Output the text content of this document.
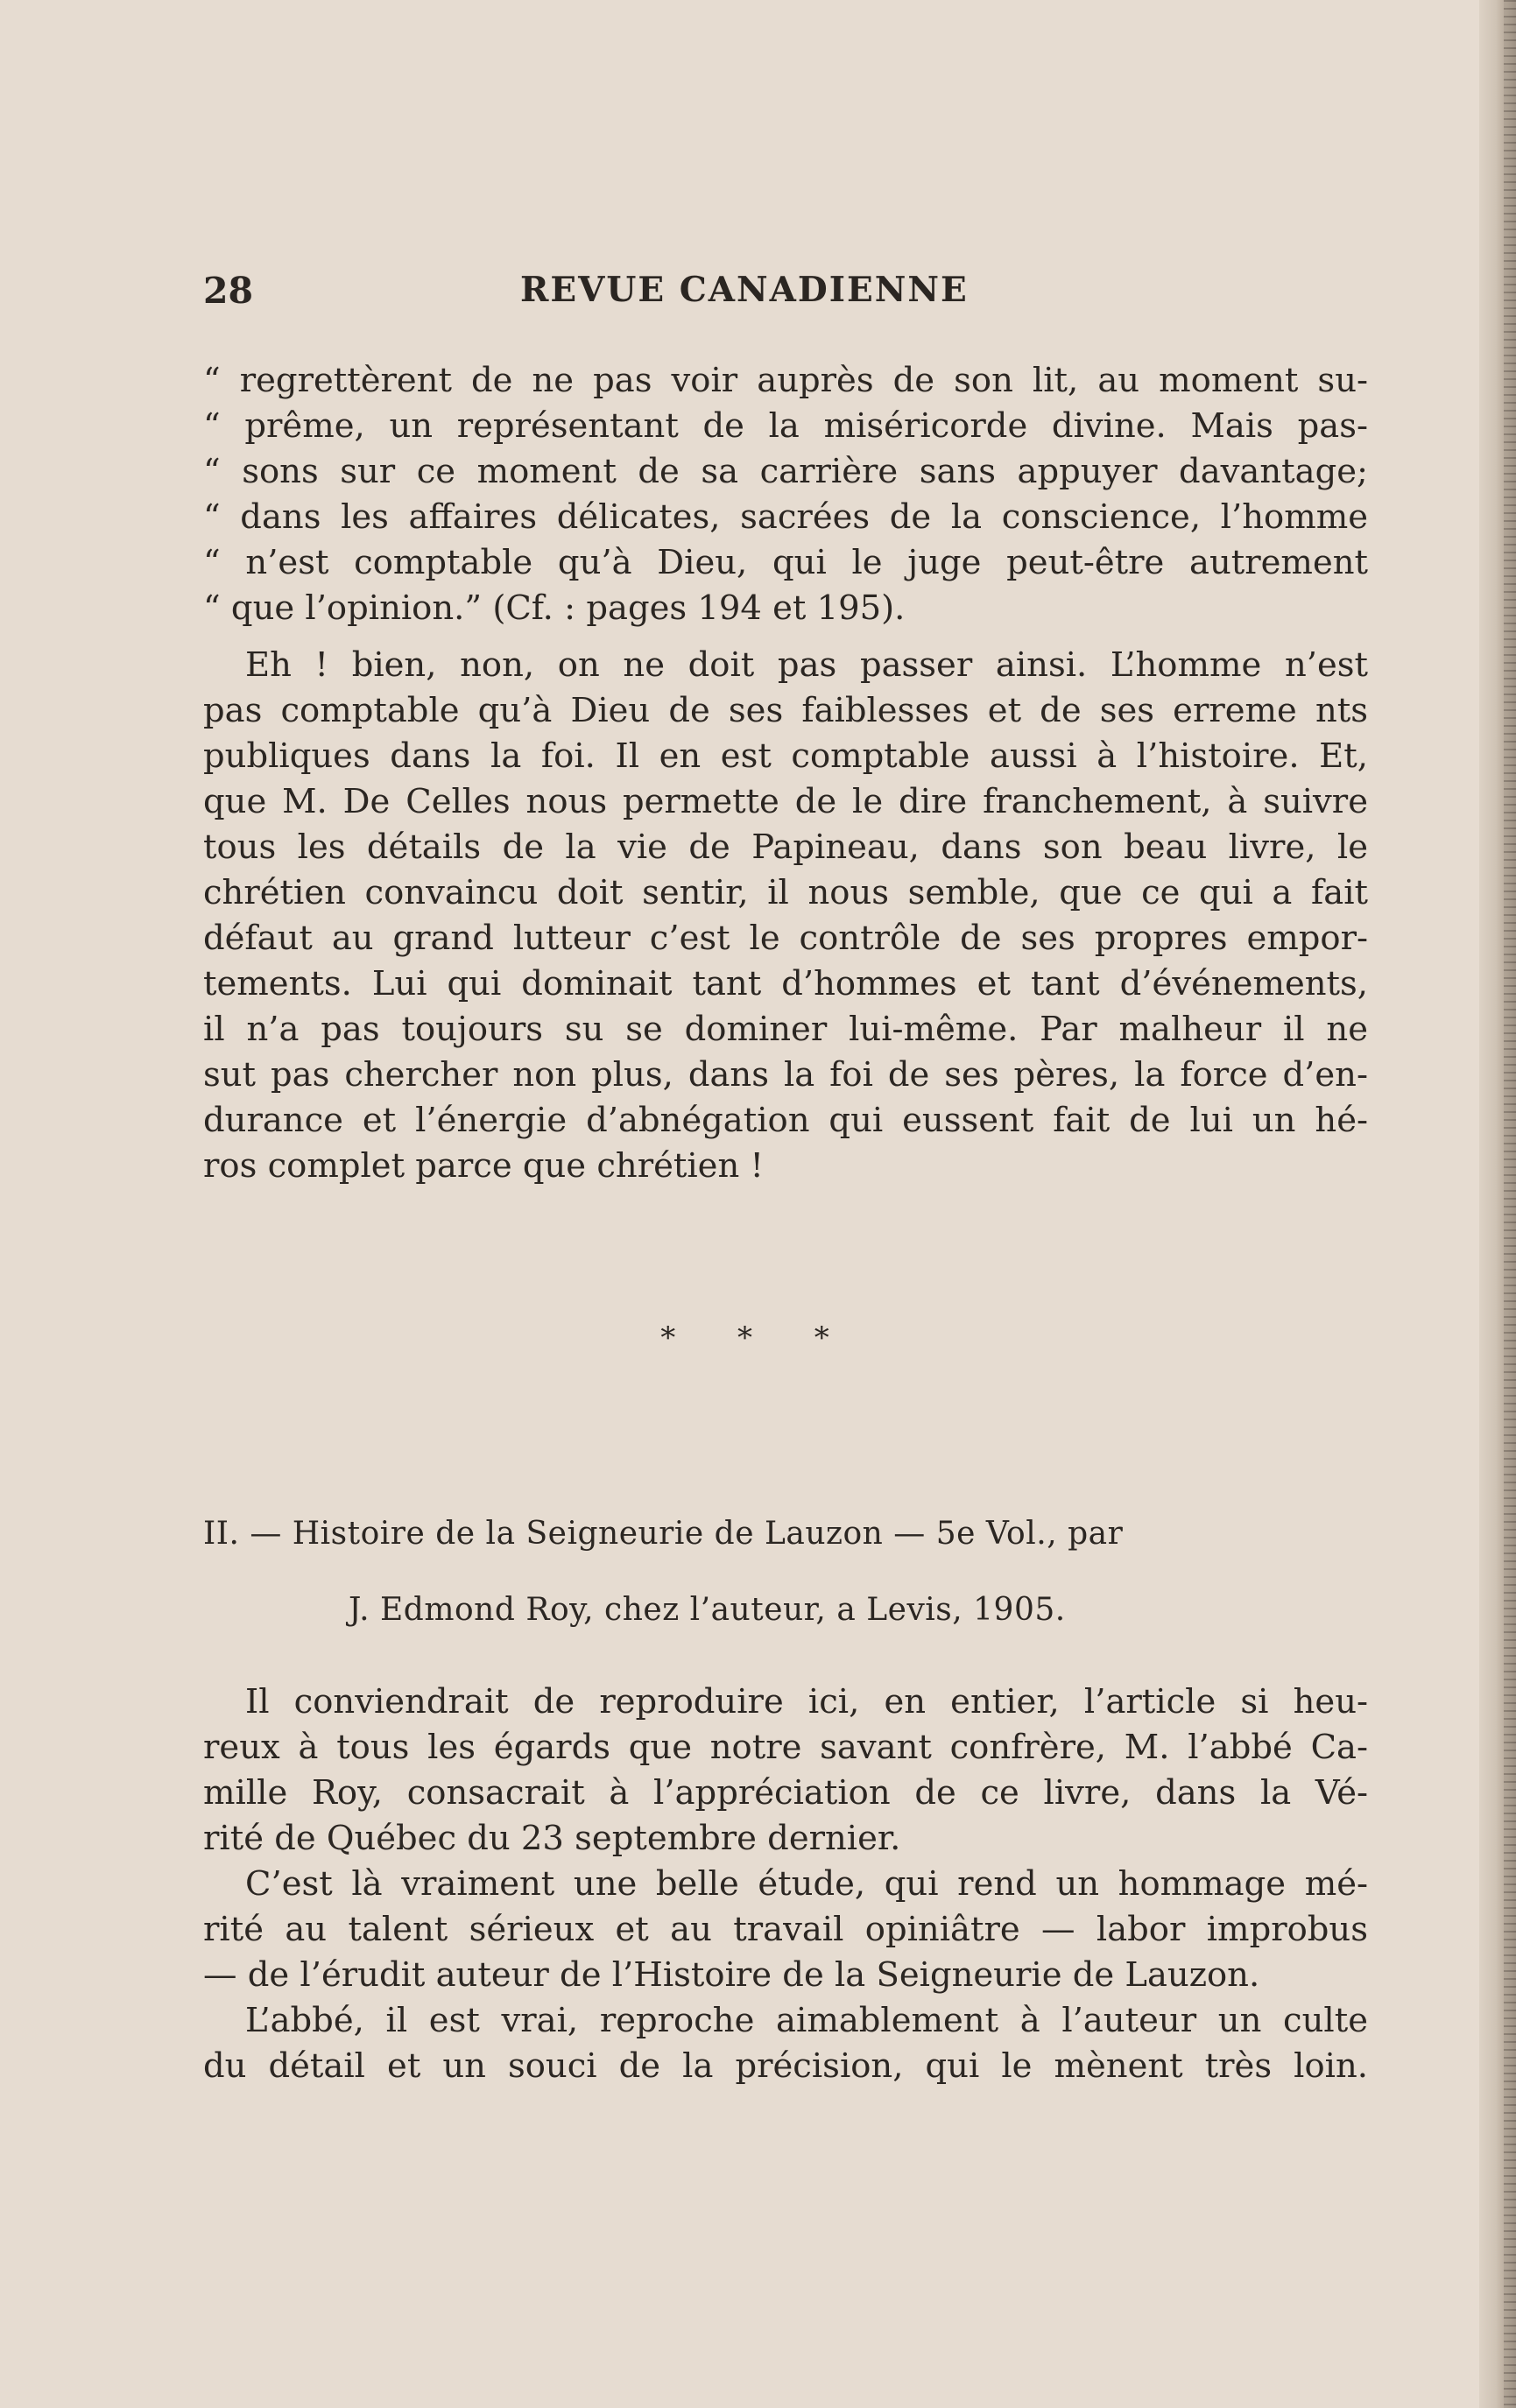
28	REVUE CANADIENNE
“ regrettèrent de ne pas voir auprès de son lit, au moment su-
“ prême, un représentant de la miséricorde divine. Mais pas-
“ sons sur ce moment de sa carrière sans appuyer davantage;
“ dans les affaires délicates, sacrées de la conscience, l’homme
“ n’est comptable qu’à Dieu, qui le juge peut-être autrement
“ que l’opinion.” (Cf. : pages 194 et 195).
Eh ! bien, non, on ne doit pas passer ainsi. L’homme n’est
pas comptable qu’à Dieu de ses faiblesses et de ses erreme nts
publiques dans la foi. Il en est comptable aussi à l’histoire. Et,
que M. De Celles nous permette de le dire franchement, à suivre
tous les détails de la vie de Papineau, dans son beau livre, le
chrétien convaincu doit sentir, il nous semble, que ce qui a fait
défaut au grand lutteur c’est le contrôle de ses propres empor-
tements. Lui qui dominait tant d’hommes et tant d’événements,
il n’a pas toujours su se dominer lui-même. Par malheur il ne
sut pas chercher non plus, dans la foi de ses pères, la force d’en-
durance et l’énergie d’abnégation qui eussent fait de lui un hé-
ros complet parce que chrétien !
* * *
II. — Histoire de la Seigneurie de Lauzon — 5e Vol., par
J. Edmond Roy, chez l’auteur, a Levis, 1905.
Il conviendrait de reproduire ici, en entier, l’article si heu-
reux à tous les égards que notre savant confrère, M. l’abbé Ca-
mille Roy, consacrait à l’appréciation de ce livre, dans la Vé-
rité de Québec du 23 septembre dernier.
C’est là vraiment une belle étude, qui rend un hommage mé-
rité au talent sérieux et au travail opiniâtre — labor improbus
— de l’érudit auteur de l’Histoire de la Seigneurie de Lauzon.
L’abbé, il est vrai, reproche aimablement à l’auteur un culte
du détail et un souci de la précision, qui le mènent très loin.
